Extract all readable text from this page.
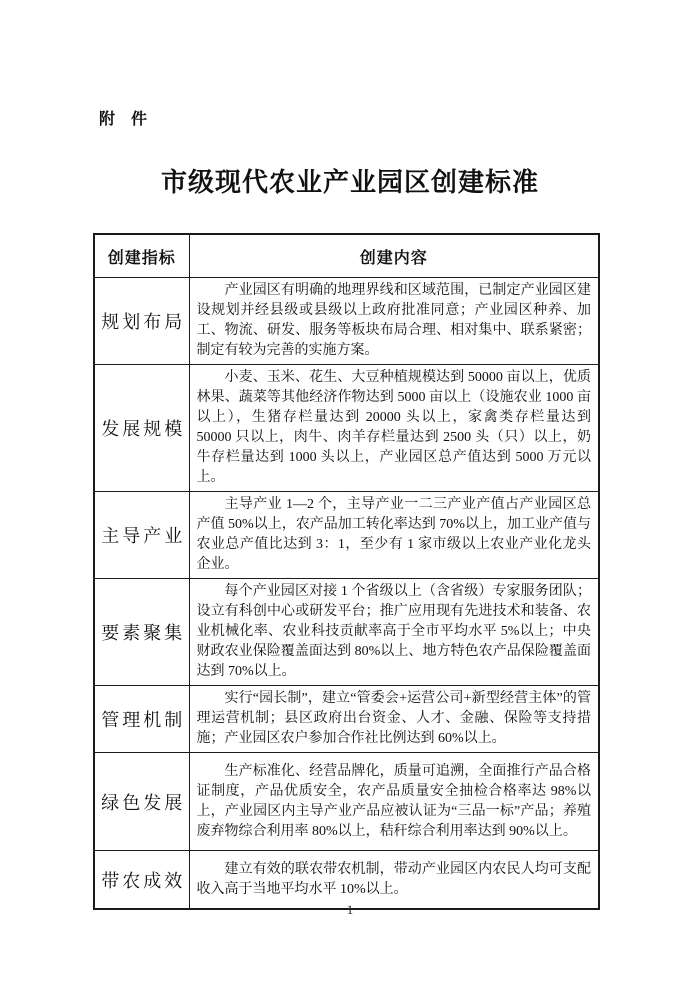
附　件
市级现代农业产业园区创建标准
创建指标	创建内容
规划布局	产业园区有明确的地理界线和区域范围，已制定产业园区建设规划并经县级或县级以上政府批准同意；产业园区种养、加工、物流、研发、服务等板块布局合理、相对集中、联系紧密；制定有较为完善的实施方案。
发展规模	小麦、玉米、花生、大豆种植规模达到 50000 亩以上，优质林果、蔬菜等其他经济作物达到 5000 亩以上（设施农业 1000 亩以上），生猪存栏量达到 20000 头以上，家禽类存栏量达到 50000 只以上，肉牛、肉羊存栏量达到 2500 头（只）以上，奶牛存栏量达到 1000 头以上，产业园区总产值达到 5000 万元以上。
主导产业	主导产业 1—2 个，主导产业一二三产业产值占产业园区总产值 50%以上，农产品加工转化率达到 70%以上，加工业产值与农业总产值比达到 3：1，至少有 1 家市级以上农业产业化龙头企业。
要素聚集	每个产业园区对接 1 个省级以上（含省级）专家服务团队；设立有科创中心或研发平台；推广应用现有先进技术和装备、农业机械化率、农业科技贡献率高于全市平均水平 5%以上；中央财政农业保险覆盖面达到 80%以上、地方特色农产品保险覆盖面达到 70%以上。
管理机制	实行“园长制”，建立“管委会+运营公司+新型经营主体”的管理运营机制；县区政府出台资金、人才、金融、保险等支持措施；产业园区农户参加合作社比例达到 60%以上。
绿色发展	生产标准化、经营品牌化，质量可追溯，全面推行产品合格证制度，产品优质安全，农产品质量安全抽检合格率达 98%以上，产业园区内主导产业产品应被认证为“三品一标”产品；养殖废弃物综合利用率 80%以上，秸秆综合利用率达到 90%以上。
带农成效	建立有效的联农带农机制，带动产业园区内农民人均可支配收入高于当地平均水平 10%以上。
1
